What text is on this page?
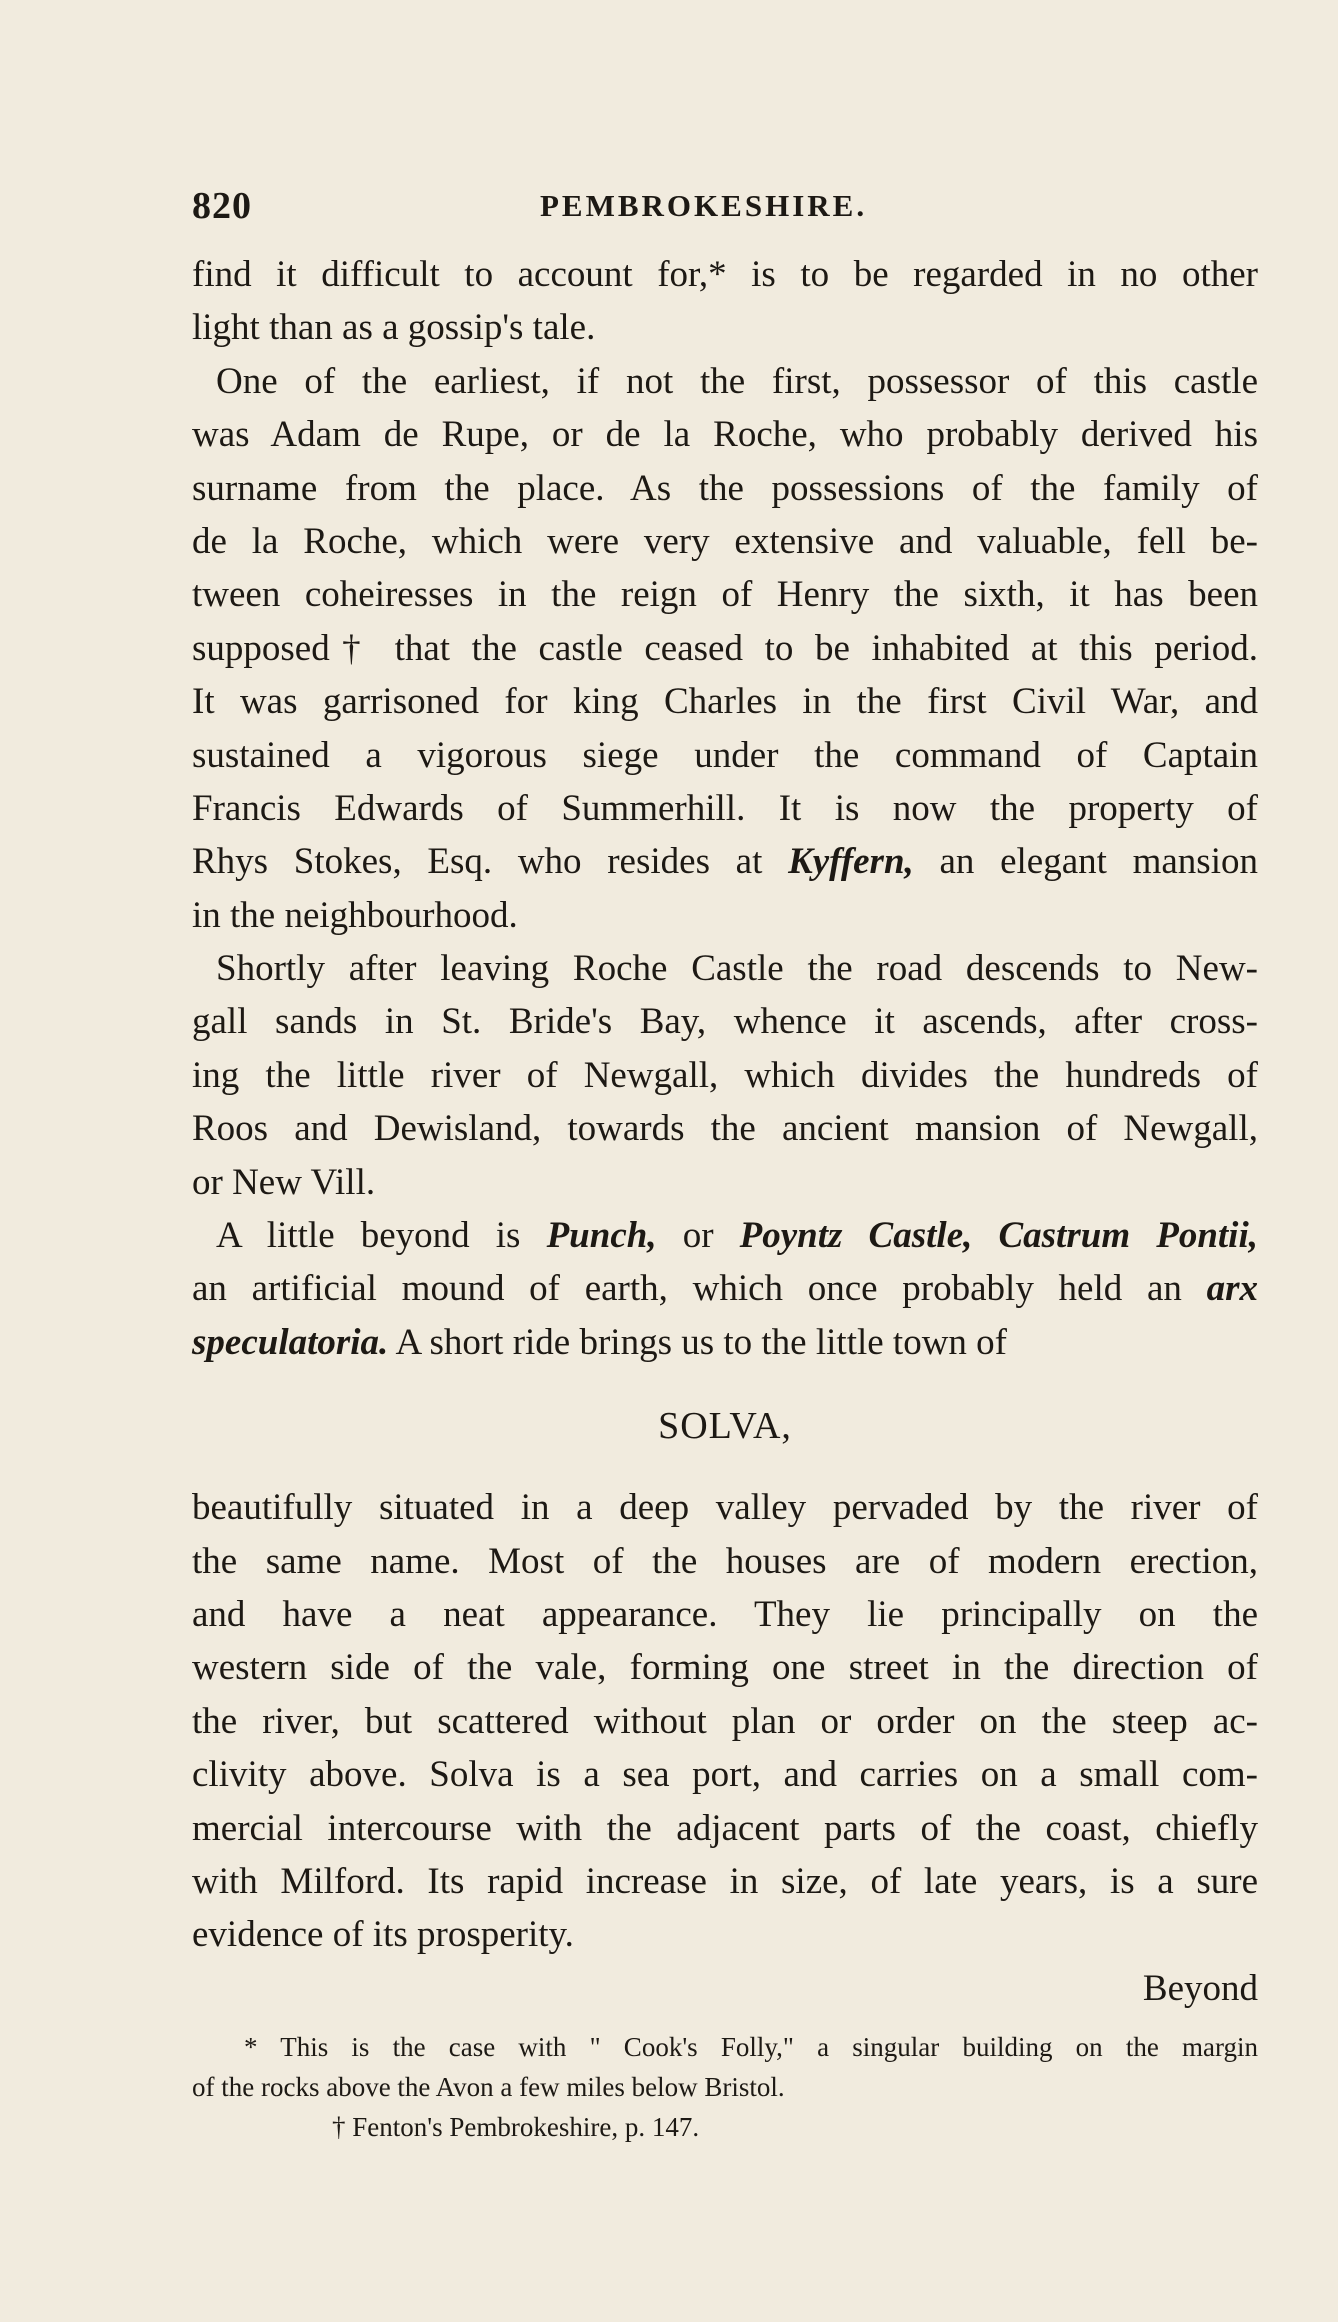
820	PEMBROKESHIRE.
find it difficult to account for,* is to be regarded in no other
light than as a gossip's tale.
One of the earliest, if not the first, possessor of this castle
was Adam de Rupe, or de la Roche, who probably derived his
surname from the place. As the possessions of the family of
de la Roche, which were very extensive and valuable, fell be-
tween coheiresses in the reign of Henry the sixth, it has been
supposed† that the castle ceased to be inhabited at this period.
It was garrisoned for king Charles in the first Civil War, and
sustained a vigorous siege under the command of Captain
Francis Edwards of Summerhill. It is now the property of
Rhys Stokes, Esq. who resides at Kyffern, an elegant mansion
in the neighbourhood.
Shortly after leaving Roche Castle the road descends to New-
gall sands in St. Bride's Bay, whence it ascends, after cross-
ing the little river of Newgall, which divides the hundreds of
Roos and Dewisland, towards the ancient mansion of Newgall,
or New Vill.
A little beyond is Punch, or Poyntz Castle, Castrum Pontii,
an artificial mound of earth, which once probably held an arx
speculatoria. A short ride brings us to the little town of
SOLVA,
beautifully situated in a deep valley pervaded by the river of
the same name. Most of the houses are of modern erection,
and have a neat appearance. They lie principally on the
western side of the vale, forming one street in the direction of
the river, but scattered without plan or order on the steep ac-
clivity above. Solva is a sea port, and carries on a small com-
mercial intercourse with the adjacent parts of the coast, chiefly
with Milford. Its rapid increase in size, of late years, is a sure
evidence of its prosperity.
Beyond
* This is the case with " Cook's Folly," a singular building on the margin
of the rocks above the Avon a few miles below Bristol.
† Fenton's Pembrokeshire, p. 147.
